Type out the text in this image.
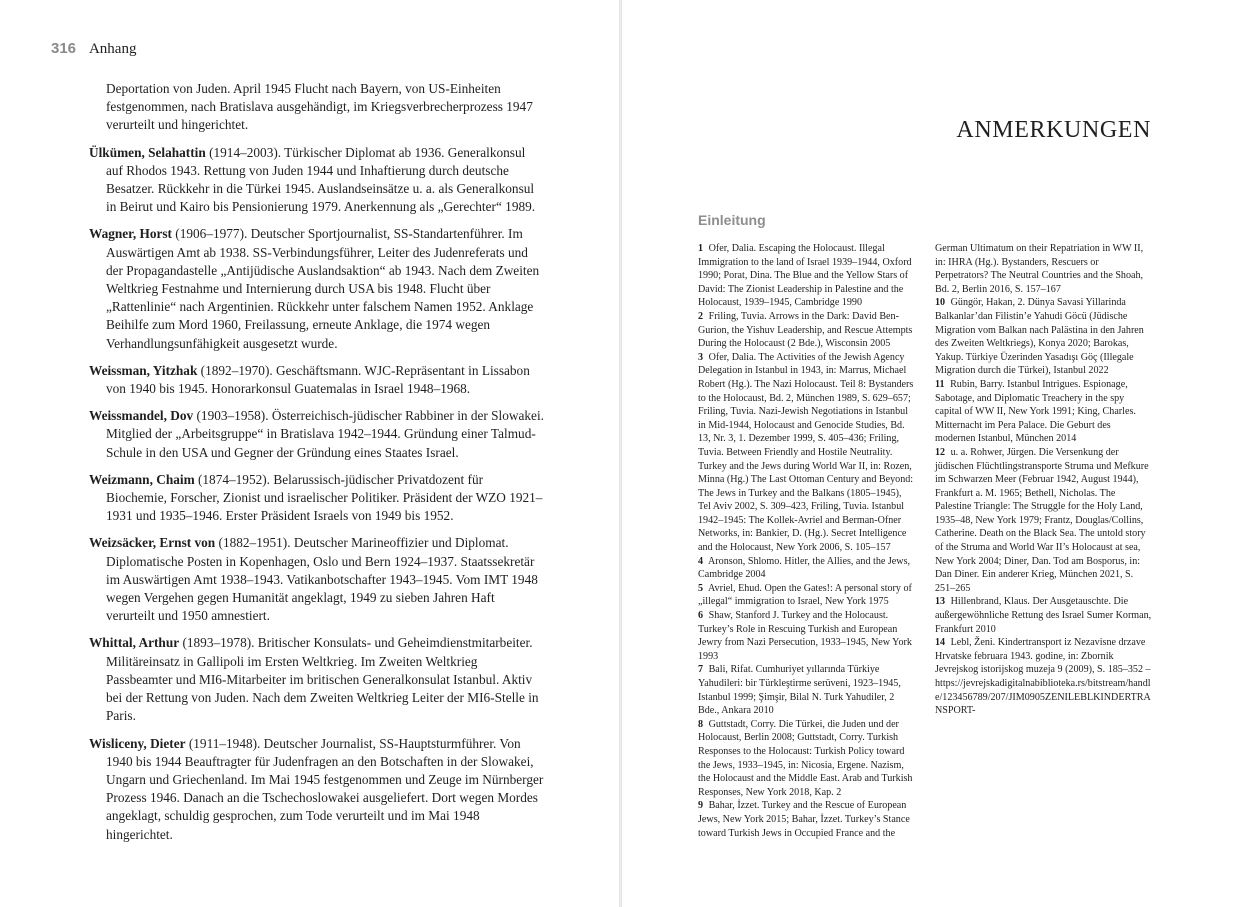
316 Anhang

Deportation von Juden. April 1945 Flucht nach Bayern, von US-Einheiten festgenommen, nach Bratislava ausgehändigt, im Kriegsverbrecherprozess 1947 verurteilt und hingerichtet.

Ülkümen, Selahattin (1914–2003). Türkischer Diplomat ab 1936. Generalkonsul auf Rhodos 1943. Rettung von Juden 1944 und Inhaftierung durch deutsche Besatzer. Rückkehr in die Türkei 1945. Auslandseinsätze u. a. als Generalkonsul in Beirut und Kairo bis Pensionierung 1979. Anerkennung als „Gerechter“ 1989.

Wagner, Horst (1906–1977). Deutscher Sportjournalist, SS-Standartenführer. Im Auswärtigen Amt ab 1938. SS-Verbindungsführer, Leiter des Judenreferats und der Propagandastelle „Antijüdische Auslandsaktion“ ab 1943. Nach dem Zweiten Weltkrieg Festnahme und Internierung durch USA bis 1948. Flucht über „Rattenlinie“ nach Argentinien. Rückkehr unter falschem Namen 1952. Anklage Beihilfe zum Mord 1960, Freilassung, erneute Anklage, die 1974 wegen Verhandlungsunfähigkeit ausgesetzt wurde.

Weissman, Yitzhak (1892–1970). Geschäftsmann. WJC-Repräsentant in Lissabon von 1940 bis 1945. Honorarkonsul Guatemalas in Israel 1948–1968.

Weissmandel, Dov (1903–1958). Österreichisch-jüdischer Rabbiner in der Slowakei. Mitglied der „Arbeitsgruppe“ in Bratislava 1942–1944. Gründung einer Talmud-Schule in den USA und Gegner der Gründung eines Staates Israel.

Weizmann, Chaim (1874–1952). Belarussisch-jüdischer Privatdozent für Biochemie, Forscher, Zionist und israelischer Politiker. Präsident der WZO 1921–1931 und 1935–1946. Erster Präsident Israels von 1949 bis 1952.

Weizsäcker, Ernst von (1882–1951). Deutscher Marineoffizier und Diplomat. Diplomatische Posten in Kopenhagen, Oslo und Bern 1924–1937. Staatssekretär im Auswärtigen Amt 1938–1943. Vatikanbotschafter 1943–1945. Vom IMT 1948 wegen Vergehen gegen Humanität angeklagt, 1949 zu sieben Jahren Haft verurteilt und 1950 amnestiert.

Whittal, Arthur (1893–1978). Britischer Konsulats- und Geheimdienstmitarbeiter. Militäreinsatz in Gallipoli im Ersten Weltkrieg. Im Zweiten Weltkrieg Passbeamter und MI6-Mitarbeiter im britischen Generalkonsulat Istanbul. Aktiv bei der Rettung von Juden. Nach dem Zweiten Weltkrieg Leiter der MI6-Stelle in Paris.

Wisliceny, Dieter (1911–1948). Deutscher Journalist, SS-Hauptsturmführer. Von 1940 bis 1944 Beauftragter für Judenfragen an den Botschaften in der Slowakei, Ungarn und Griechenland. Im Mai 1945 festgenommen und Zeuge im Nürnberger Prozess 1946. Danach an die Tschechoslowakei ausgeliefert. Dort wegen Mordes angeklagt, schuldig gesprochen, zum Tode verurteilt und im Mai 1948 hingerichtet.

ANMERKUNGEN
Einleitung

1 Ofer, Dalia. Escaping the Holocaust. Illegal Immigration to the land of Israel 1939–1944, Oxford 1990; Porat, Dina. The Blue and the Yellow Stars of David: The Zionist Leadership in Palestine and the Holocaust, 1939–1945, Cambridge 1990

2 Friling, Tuvia. Arrows in the Dark: David Ben-Gurion, the Yishuv Leadership, and Rescue Attempts During the Holocaust (2 Bde.), Wisconsin 2005

3 Ofer, Dalia. The Activities of the Jewish Agency Delegation in Istanbul in 1943, in: Marrus, Michael Robert (Hg.). The Nazi Holocaust. Teil 8: Bystanders to the Holocaust, Bd. 2, München 1989, S. 629–657; Friling, Tuvia. Nazi-Jewish Negotiations in Istanbul in Mid-1944, Holocaust and Genocide Studies, Bd. 13, Nr. 3, 1. Dezember 1999, S. 405–436; Friling, Tuvia. Between Friendly and Hostile Neutrality. Turkey and the Jews during World War II, in: Rozen, Minna (Hg.) The Last Ottoman Century and Beyond: The Jews in Turkey and the Balkans (1805–1945), Tel Aviv 2002, S. 309–423, Friling, Tuvia. Istanbul 1942–1945: The Kollek-Avriel and Berman-Ofner Networks, in: Bankier, D. (Hg.). Secret Intelligence and the Holocaust, New York 2006, S. 105–157

4 Aronson, Shlomo. Hitler, the Allies, and the Jews, Cambridge 2004

5 Avriel, Ehud. Open the Gates!: A personal story of „illegal“ immigration to Israel, New York 1975

6 Shaw, Stanford J. Turkey and the Holocaust. Turkey’s Role in Rescuing Turkish and European Jewry from Nazi Persecution, 1933–1945, New York 1993

7 Bali, Rifat. Cumhuriyet yıllarında Türkiye Yahudileri: bir Türkleştirme serüveni, 1923–1945, Istanbul 1999; Şimşir, Bilal N. Turk Yahudiler, 2 Bde., Ankara 2010

8 Guttstadt, Corry. Die Türkei, die Juden und der Holocaust, Berlin 2008; Guttstadt, Corry. Turkish Responses to the Holocaust: Turkish Policy toward the Jews, 1933–1945, in: Nicosia, Ergene. Nazism, the Holocaust and the Middle East. Arab and Turkish Responses, New York 2018, Kap. 2

9 Bahar, İzzet. Turkey and the Rescue of European Jews, New York 2015; Bahar, İzzet. Turkey’s Stance toward Turkish Jews in Occupied France and the German Ultimatum on their Repatriation in WW II, in: IHRA (Hg.). Bystanders, Rescuers or Perpetrators? The Neutral Countries and the Shoah, Bd. 2, Berlin 2016, S. 157–167

10 Güngör, Hakan, 2. Dünya Savasi Yillarinda Balkanlar’dan Filistin’e Yahudi Göcü (Jüdische Migration vom Balkan nach Palästina in den Jahren des Zweiten Weltkriegs), Konya 2020; Barokas, Yakup. Türkiye Üzerinden Yasadışı Göç (Illegale Migration durch die Türkei), Istanbul 2022

11 Rubin, Barry. Istanbul Intrigues. Espionage, Sabotage, and Diplomatic Treachery in the spy capital of WW II, New York 1991; King, Charles. Mitternacht im Pera Palace. Die Geburt des modernen Istanbul, München 2014

12 u. a. Rohwer, Jürgen. Die Versenkung der jüdischen Flüchtlingstransporte Struma und Mefkure im Schwarzen Meer (Februar 1942, August 1944), Frankfurt a. M. 1965; Bethell, Nicholas. The Palestine Triangle: The Struggle for the Holy Land, 1935–48, New York 1979; Frantz, Douglas/Collins, Catherine. Death on the Black Sea. The untold story of the Struma and World War II’s Holocaust at sea, New York 2004; Diner, Dan. Tod am Bosporus, in: Dan Diner. Ein anderer Krieg, München 2021, S. 251–265

13 Hillenbrand, Klaus. Der Ausgetauschte. Die außergewöhnliche Rettung des Israel Sumer Korman, Frankfurt 2010

14 Lebl, Ženi. Kindertransport iz Nezavisne drzave Hrvatske februara 1943. godine, in: Zbornik Jevrejskog istorijskog muzeja 9 (2009), S. 185–352 – https://jevrejskadigitalnabiblioteka.rs/bitstream/handle/123456789/207/JIM0905ZENILEBLKINDERTRANSPORT-
